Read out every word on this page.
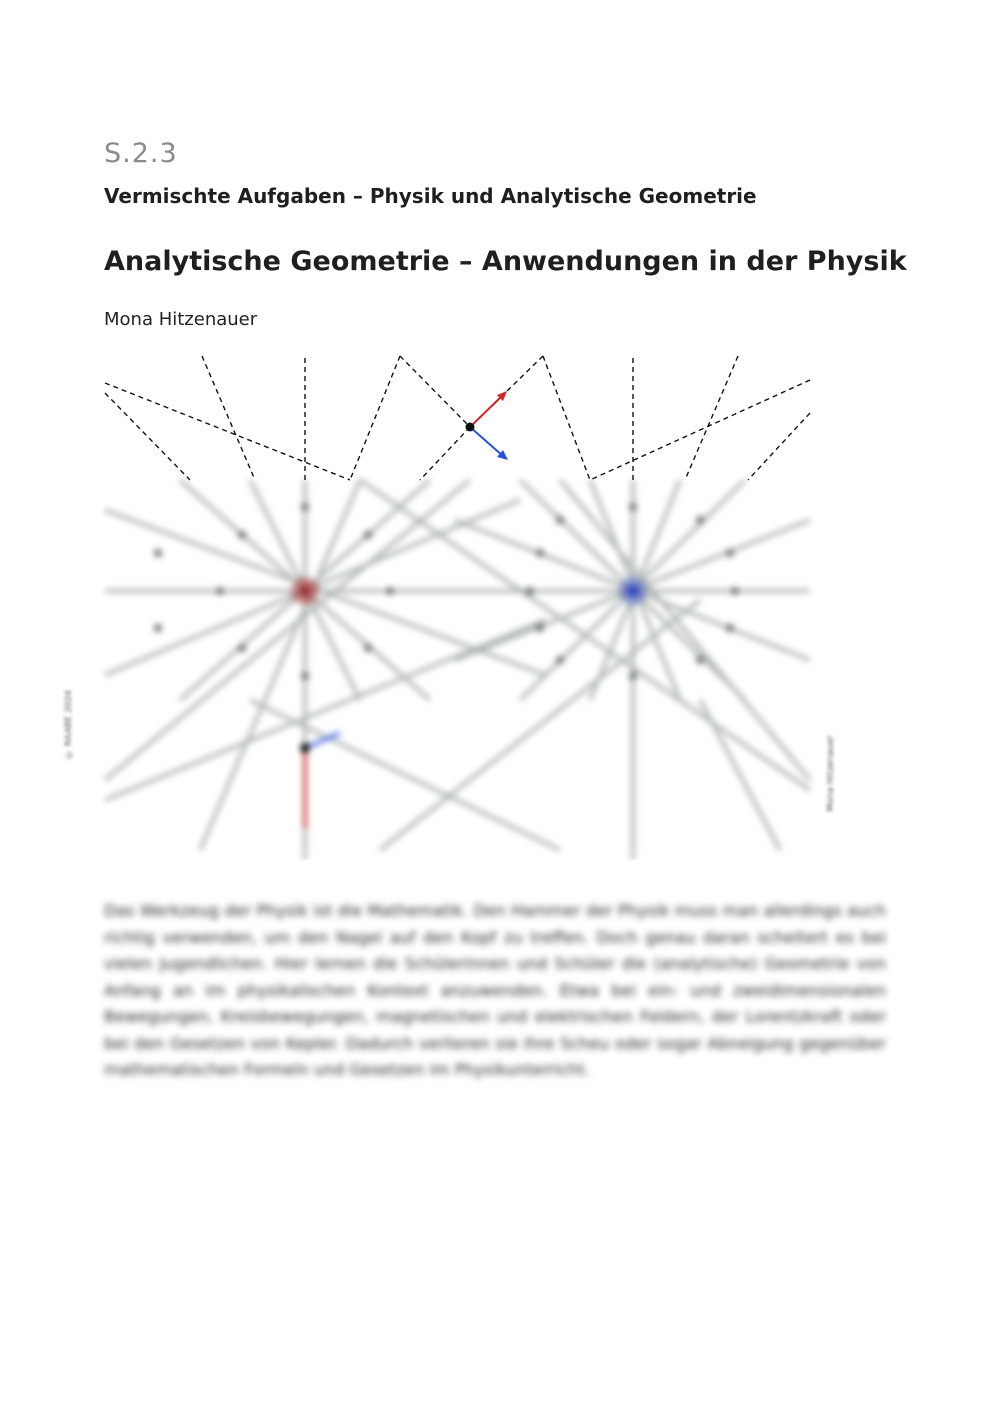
S.2.3
Vermischte Aufgaben – Physik und Analytische Geometrie
Analytische Geometrie – Anwendungen in der Physik
Mona Hitzenauer
© RAABE 2024
Mona Hitzenauer

Das Werkzeug der Physik ist die Mathematik. Den Hammer der Physik muss man allerdings auch richtig verwenden, um den Nagel auf den Kopf zu treffen. Doch genau daran scheitert es bei vielen Jugendlichen. Hier lernen die Schülerinnen und Schüler die (analytische) Geometrie von Anfang an im physikalischen Kontext anzuwenden. Etwa bei ein- und zweidimensionalen Bewegungen, Kreisbewegungen, magnetischen und elektrischen Feldern, der Lorentzkraft oder bei den Gesetzen von Kepler. Dadurch verlieren sie ihre Scheu oder sogar Abneigung gegenüber mathematischen Formeln und Gesetzen im Physikunterricht.
